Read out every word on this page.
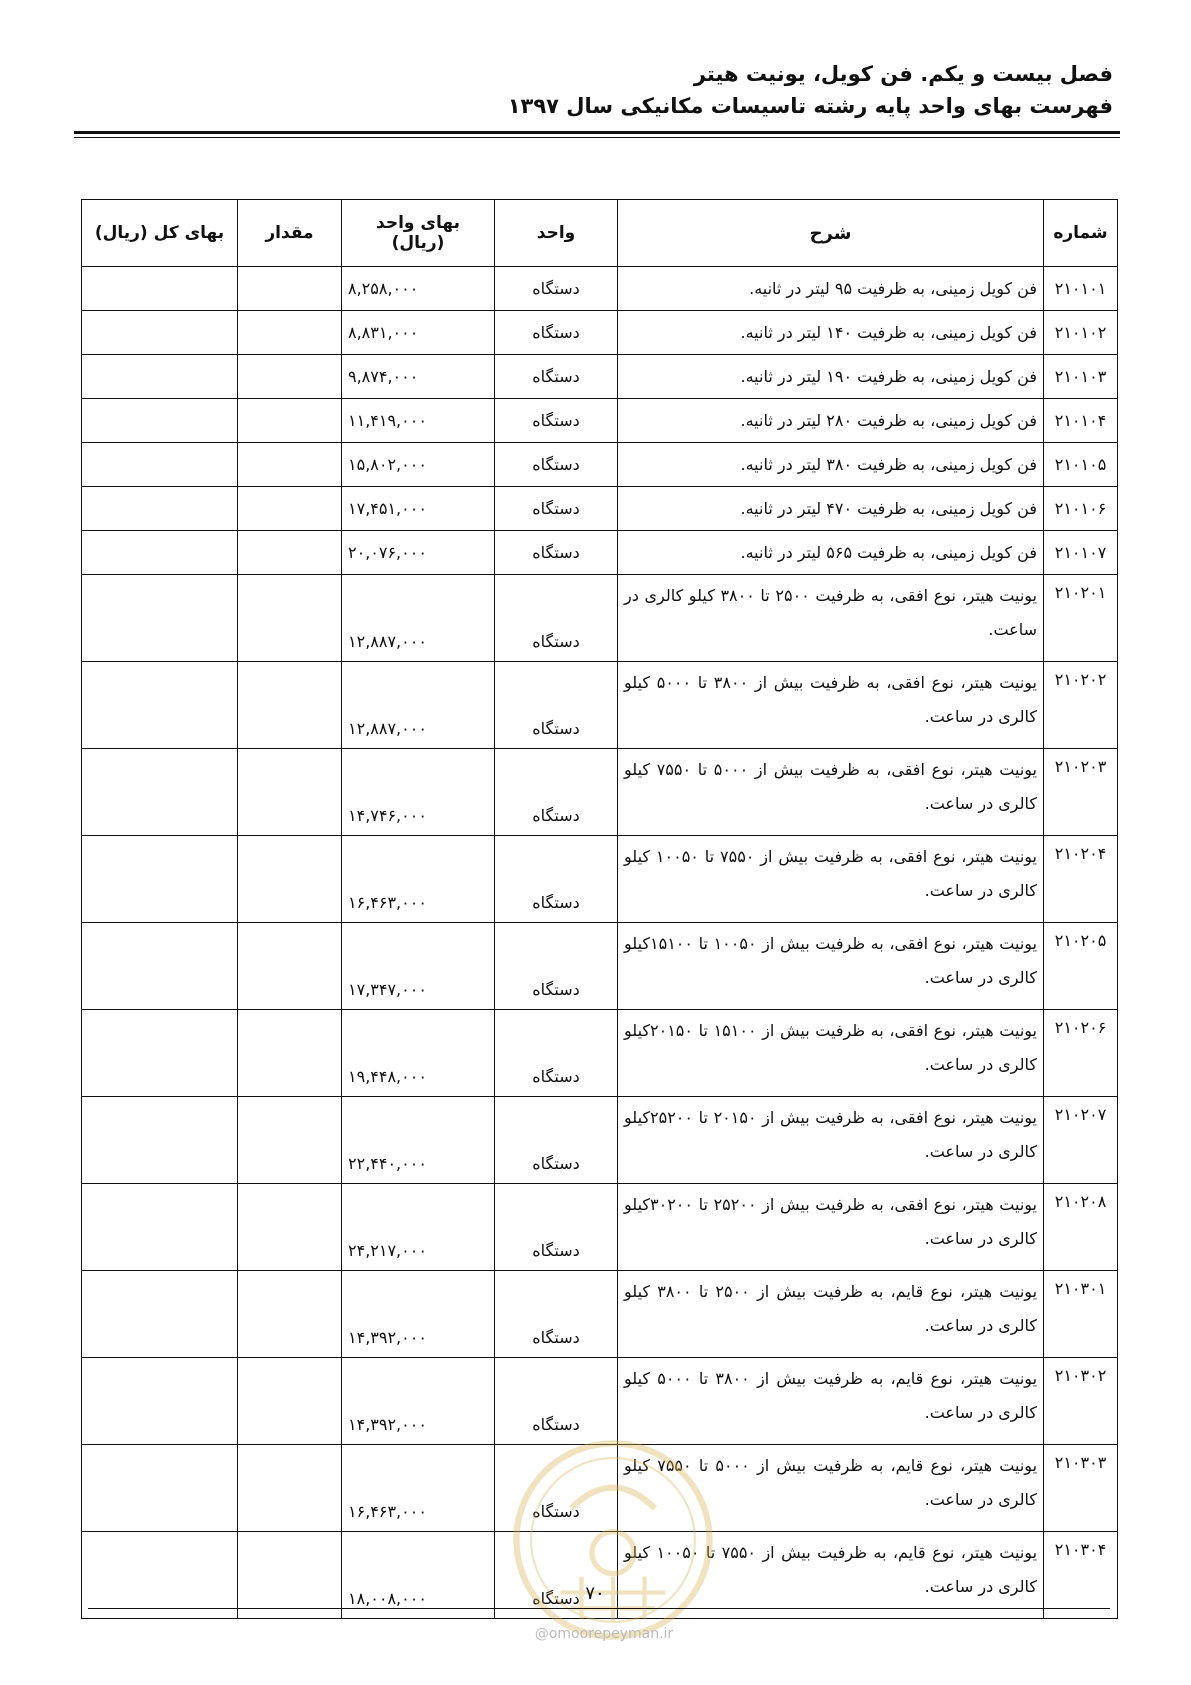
فصل بیست و یکم. فن کویل، یونیت هیتر
فهرست بهای واحد پایه رشته تاسیسات مکانیکی سال ۱۳۹۷
شماره	شرح	واحد	بهای واحد (ریال)	مقدار	بهای کل (ریال)
۲۱۰۱۰۱	فن کویل زمینی، به ظرفیت ۹۵ لیتر در ثانیه.	دستگاه	۸,۲۵۸,۰۰۰		
۲۱۰۱۰۲	فن کویل زمینی، به ظرفیت ۱۴۰ لیتر در ثانیه.	دستگاه	۸,۸۳۱,۰۰۰		
۲۱۰۱۰۳	فن کویل زمینی، به ظرفیت ۱۹۰ لیتر در ثانیه.	دستگاه	۹,۸۷۴,۰۰۰		
۲۱۰۱۰۴	فن کویل زمینی، به ظرفیت ۲۸۰ لیتر در ثانیه.	دستگاه	۱۱,۴۱۹,۰۰۰		
۲۱۰۱۰۵	فن کویل زمینی، به ظرفیت ۳۸۰ لیتر در ثانیه.	دستگاه	۱۵,۸۰۲,۰۰۰		
۲۱۰۱۰۶	فن کویل زمینی، به ظرفیت ۴۷۰ لیتر در ثانیه.	دستگاه	۱۷,۴۵۱,۰۰۰		
۲۱۰۱۰۷	فن کویل زمینی، به ظرفیت ۵۶۵ لیتر در ثانیه.	دستگاه	۲۰,۰۷۶,۰۰۰		
۲۱۰۲۰۱	یونیت هیتر، نوع افقی، به ظرفیت ۲۵۰۰ تا ۳۸۰۰ کیلو کالری در ساعت.	دستگاه	۱۲,۸۸۷,۰۰۰		
۲۱۰۲۰۲	یونیت هیتر، نوع افقی، به ظرفیت بیش از ۳۸۰۰ تا ۵۰۰۰ کیلو کالری در ساعت.	دستگاه	۱۲,۸۸۷,۰۰۰		
۲۱۰۲۰۳	یونیت هیتر، نوع افقی، به ظرفیت بیش از ۵۰۰۰ تا ۷۵۵۰ کیلو کالری در ساعت.	دستگاه	۱۴,۷۴۶,۰۰۰		
۲۱۰۲۰۴	یونیت هیتر، نوع افقی، به ظرفیت بیش از ۷۵۵۰ تا ۱۰۰۵۰ کیلو کالری در ساعت.	دستگاه	۱۶,۴۶۳,۰۰۰		
۲۱۰۲۰۵	یونیت هیتر، نوع افقی، به ظرفیت بیش از ۱۰۰۵۰ تا ۱۵۱۰۰کیلو کالری در ساعت.	دستگاه	۱۷,۳۴۷,۰۰۰		
۲۱۰۲۰۶	یونیت هیتر، نوع افقی، به ظرفیت بیش از ۱۵۱۰۰ تا ۲۰۱۵۰کیلو کالری در ساعت.	دستگاه	۱۹,۴۴۸,۰۰۰		
۲۱۰۲۰۷	یونیت هیتر، نوع افقی، به ظرفیت بیش از ۲۰۱۵۰ تا ۲۵۲۰۰کیلو کالری در ساعت.	دستگاه	۲۲,۴۴۰,۰۰۰		
۲۱۰۲۰۸	یونیت هیتر، نوع افقی، به ظرفیت بیش از ۲۵۲۰۰ تا ۳۰۲۰۰کیلو کالری در ساعت.	دستگاه	۲۴,۲۱۷,۰۰۰		
۲۱۰۳۰۱	یونیت هیتر، نوع قایم، به ظرفیت بیش از ۲۵۰۰ تا ۳۸۰۰ کیلو کالری در ساعت.	دستگاه	۱۴,۳۹۲,۰۰۰		
۲۱۰۳۰۲	یونیت هیتر، نوع قایم، به ظرفیت بیش از ۳۸۰۰ تا ۵۰۰۰ کیلو کالری در ساعت.	دستگاه	۱۴,۳۹۲,۰۰۰		
۲۱۰۳۰۳	یونیت هیتر، نوع قایم، به ظرفیت بیش از ۵۰۰۰ تا ۷۵۵۰ کیلو کالری در ساعت.	دستگاه	۱۶,۴۶۳,۰۰۰		
۲۱۰۳۰۴	یونیت هیتر، نوع قایم، به ظرفیت بیش از ۷۵۵۰ تا ۱۰۰۵۰ کیلو کالری در ساعت.	دستگاه	۱۸,۰۰۸,۰۰۰			۷۰
@omoorepeyman.ir
